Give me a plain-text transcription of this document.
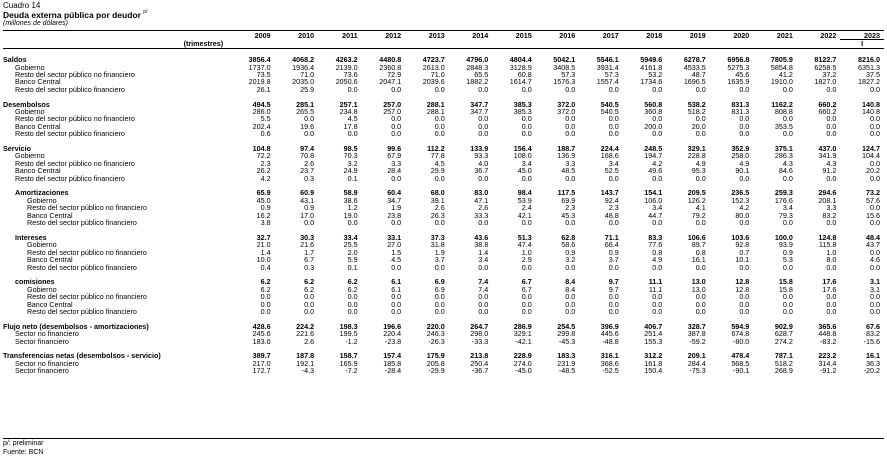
Cuadro 14
Deuda externa pública por deudor $^{p/}$
(millones de dólares)
	2009	2010	2011	2012	2013	2014	2015	2016	2017	2018	2019	2020	2021	2022	2023
(trimestres)															I

Saldos	3856.4	4068.2	4263.2	4480.8	4723.7	4796.0	4804.4	5042.1	5546.1	5949.6	6278.7	6956.8	7805.9	8122.7	8216.0
Gobierno	1737.0	1936.4	2139.0	2360.8	2613.0	2848.3	3128.9	3408.5	3931.4	4161.8	4533.5	5275.3	5854.8	6258.5	6351.3
Resto del sector público no financiero	73.5	71.0	73.6	72.9	71.0	65.5	60.8	57.3	57.3	53.2	48.7	45.6	41.2	37.2	37.5
Banco Central	2019.8	2035.0	2050.6	2047.1	2039.6	1882.2	1614.7	1576.3	1557.4	1734.6	1696.5	1635.9	1910.0	1827.0	1827.2
Resto del sector público financiero	26.1	25.9	0.0	0.0	0.0	0.0	0.0	0.0	0.0	0.0	0.0	0.0	0.0	0.0	0.0

Desembolsos	494.5	285.1	257.1	257.0	288.1	347.7	385.3	372.0	540.5	560.8	538.2	831.3	1162.2	660.2	140.8
Gobierno	286.0	265.5	234.8	257.0	288.1	347.7	385.3	372.0	540.5	360.8	518.2	831.3	808.8	660.2	140.8
Resto del sector público no financiero	5.5	0.0	4.5	0.0	0.0	0.0	0.0	0.0	0.0	0.0	0.0	0.0	0.0	0.0	0.0
Banco Central	202.4	19.6	17.8	0.0	0.0	0.0	0.0	0.0	0.0	200.0	20.0	0.0	353.5	0.0	0.0
Resto del sector público financiero	0.6	0.0	0.0	0.0	0.0	0.0	0.0	0.0	0.0	0.0	0.0	0.0	0.0	0.0	0.0

Servicio	104.8	97.4	98.5	99.6	112.2	133.9	156.4	188.7	224.4	248.5	329.1	352.9	375.1	437.0	124.7
Gobierno	72.2	70.8	70.3	67.9	77.8	93.3	108.0	136.9	168.6	194.7	228.8	258.0	286.3	341.9	104.4
Resto del sector público no financiero	2.3	2.6	3.2	3.3	4.5	4.0	3.4	3.3	3.4	4.2	4.9	4.9	4.3	4.3	0.0
Banco Central	26.2	23.7	24.9	28.4	29.9	36.7	45.0	48.5	52.5	49.6	95.3	90.1	84.6	91.2	20.2
Resto del sector público financiero	4.2	0.3	0.1	0.0	0.0	0.0	0.0	0.0	0.0	0.0	0.0	0.0	0.0	0.0	0.0

Amortizaciones	65.9	60.9	58.9	60.4	68.0	83.0	98.4	117.5	143.7	154.1	209.5	236.5	259.3	294.6	73.2
Gobierno	45.0	43.1	38.6	34.7	39.1	47.1	53.9	69.9	92.4	106.0	126.2	152.3	176.6	208.1	57.6
Resto del sector público no financiero	0.9	0.9	1.2	1.9	2.6	2.6	2.4	2.3	2.3	3.4	4.1	4.2	3.4	3.3	0.0
Banco Central	16.2	17.0	19.0	23.8	26.3	33.3	42.1	45.3	48.8	44.7	79.2	80.0	79.3	83.2	15.6
Resto del sector público financiero	3.8	0.0	0.0	0.0	0.0	0.0	0.0	0.0	0.0	0.0	0.0	0.0	0.0	0.0	0.0

Intereses	32.7	30.3	33.4	33.1	37.3	43.6	51.3	62.8	71.1	83.3	106.6	103.6	100.0	124.8	48.4
Gobierno	21.0	21.6	25.5	27.0	31.8	38.8	47.4	58.6	66.4	77.6	89.7	92.8	93.9	115.8	43.7
Resto del sector público no financiero	1.4	1.7	2.0	1.5	1.9	1.4	1.0	0.9	0.9	0.8	0.8	0.7	0.9	1.0	0.0
Banco Central	10.0	6.7	5.9	4.5	3.7	3.4	2.9	3.2	3.7	4.9	16.1	10.1	5.3	8.0	4.6
Resto del sector público financiero	0.4	0.3	0.1	0.0	0.0	0.0	0.0	0.0	0.0	0.0	0.0	0.0	0.0	0.0	0.0

comisiones	6.2	6.2	6.2	6.1	6.9	7.4	6.7	8.4	9.7	11.1	13.0	12.8	15.8	17.6	3.1
Gobierno	6.2	6.2	6.2	6.1	6.9	7.4	6.7	8.4	9.7	11.1	13.0	12.8	15.8	17.6	3.1
Resto del sector público no financiero	0.0	0.0	0.0	0.0	0.0	0.0	0.0	0.0	0.0	0.0	0.0	0.0	0.0	0.0	0.0
Banco Central	0.0	0.0	0.0	0.0	0.0	0.0	0.0	0.0	0.0	0.0	0.0	0.0	0.0	0.0	0.0
Resto del sector público financiero	0.0	0.0	0.0	0.0	0.0	0.0	0.0	0.0	0.0	0.0	0.0	0.0	0.0	0.0	0.0

Flujo neto (desembolsos - amortizaciones)	428.6	224.2	198.3	196.6	220.0	264.7	286.9	254.5	396.9	406.7	328.7	594.9	902.9	365.6	67.6
Sector no financiero	245.6	221.6	199.5	220.4	246.3	298.0	329.1	299.8	445.6	251.4	387.8	674.8	628.7	448.8	83.2
Sector financiero	183.0	2.6	-1.2	-23.8	-26.3	-33.3	-42.1	-45.3	-48.8	155.3	-59.2	-80.0	274.2	-83.2	-15.6

Transferencias netas (desembolsos - servicio)	389.7	187.8	158.7	157.4	175.9	213.8	228.9	183.3	316.1	312.2	209.1	478.4	787.1	223.2	16.1
Sector no financiero	217.0	192.1	165.9	185.8	205.8	250.4	274.0	231.9	368.6	161.8	284.4	568.5	518.2	314.4	36.3
Sector financiero	172.7	-4.3	-7.2	-28.4	-29.9	-36.7	-45.0	-48.5	-52.5	150.4	-75.3	-90.1	268.9	-91.2	-20.2
p/: preliminar
Fuente: BCN
